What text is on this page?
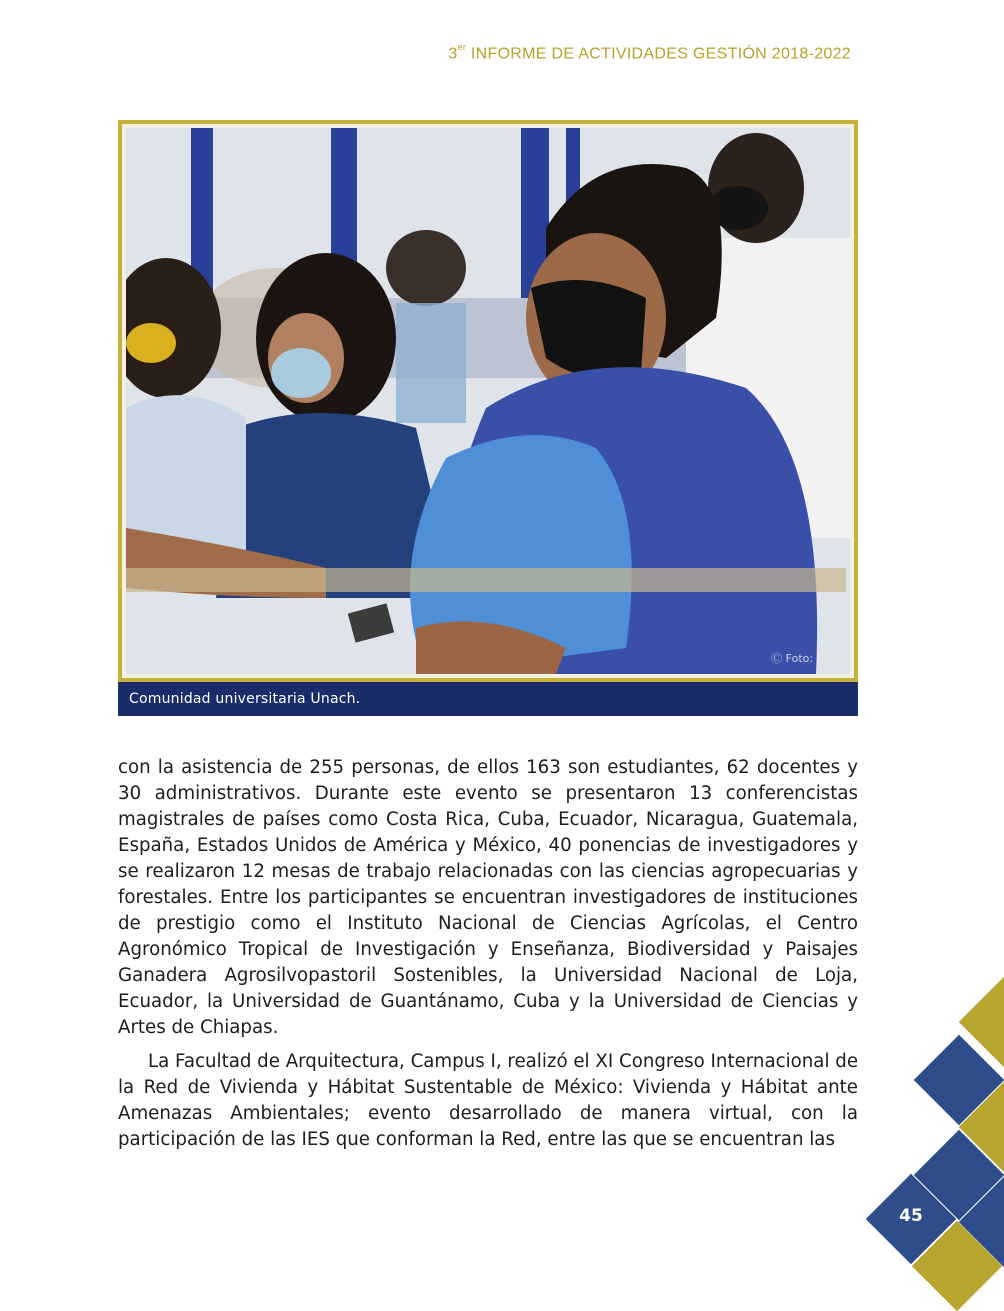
3er INFORME DE ACTIVIDADES GESTIÓN 2018-2022
Ⓒ Foto: CCU
Comunidad universitaria Unach.

con la asistencia de 255 personas, de ellos 163 son estudiantes, 62 docentes y 30 administrativos. Durante este evento se presentaron 13 conferencistas magistrales de países como Costa Rica, Cuba, Ecuador, Nicaragua, Guatemala, España, Estados Unidos de América y México, 40 ponencias de investigadores y se realizaron 12 mesas de trabajo relacionadas con las ciencias agropecuarias y forestales. Entre los participantes se encuentran investigadores de instituciones de prestigio como el Instituto Nacional de Ciencias Agrícolas, el Centro Agronómico Tropical de Investigación y Enseñanza, Biodiversidad y Paisajes Ganadera Agrosilvopastoril Sostenibles, la Universidad Nacional de Loja, Ecuador, la Universidad de Guantánamo, Cuba y la Universidad de Ciencias y Artes de Chiapas.

La Facultad de Arquitectura, Campus I, realizó el XI Congreso Internacional de la Red de Vivienda y Hábitat Sustentable de México: Vivienda y Hábitat ante Amenazas Ambientales; evento desarrollado de manera virtual, con la participación de las IES que conforman la Red, entre las que se encuentran las

45
